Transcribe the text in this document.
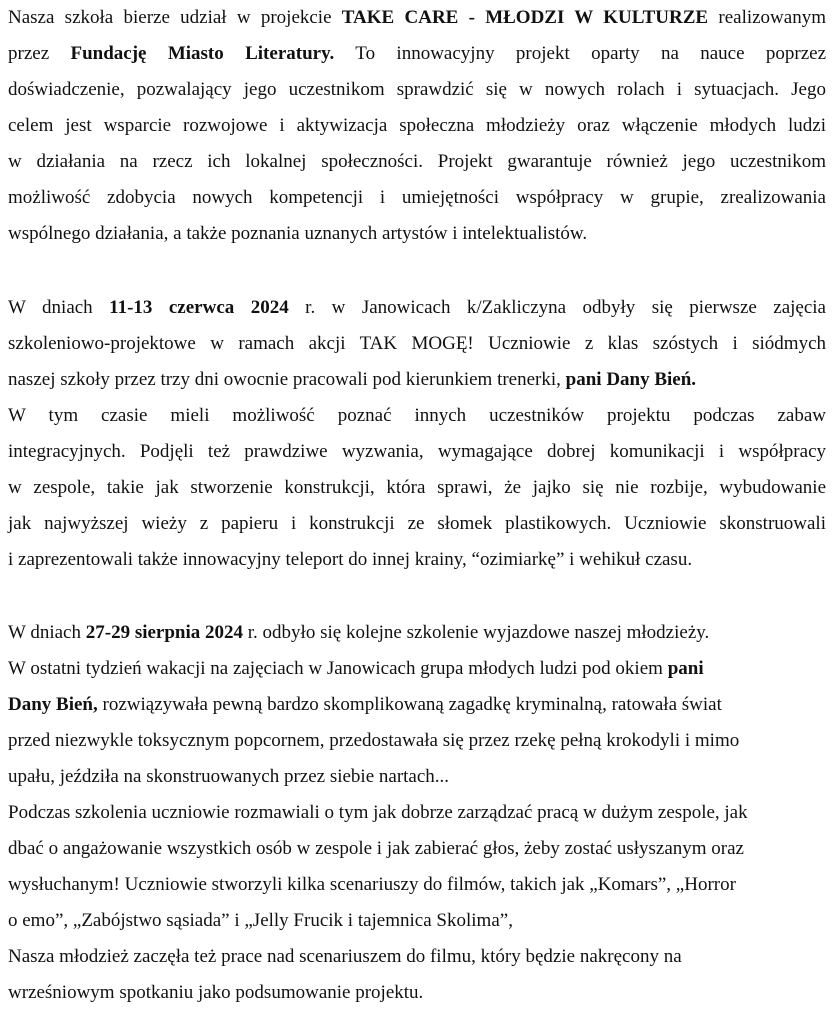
Nasza szkoła bierze udział w projekcie TAKE CARE - MŁODZI W KULTURZE realizowanym
przez Fundację Miasto Literatury. To innowacyjny projekt oparty na nauce poprzez
doświadczenie, pozwalający jego uczestnikom sprawdzić się w nowych rolach i sytuacjach. Jego
celem jest wsparcie rozwojowe i aktywizacja społeczna młodzieży oraz włączenie młodych ludzi
w działania na rzecz ich lokalnej społeczności. Projekt gwarantuje również jego uczestnikom
możliwość zdobycia nowych kompetencji i umiejętności współpracy w grupie, zrealizowania
wspólnego działania, a także poznania uznanych artystów i intelektualistów.
W dniach 11-13 czerwca 2024 r. w Janowicach k/Zakliczyna odbyły się pierwsze zajęcia
szkoleniowo-projektowe w ramach akcji TAK MOGĘ! Uczniowie z klas szóstych i siódmych
naszej szkoły przez trzy dni owocnie pracowali pod kierunkiem trenerki, pani Dany Bień.
W tym czasie mieli możliwość poznać innych uczestników projektu podczas zabaw
integracyjnych. Podjęli też prawdziwe wyzwania, wymagające dobrej komunikacji i współpracy
w zespole, takie jak stworzenie konstrukcji, która sprawi, że jajko się nie rozbije, wybudowanie
jak najwyższej wieży z papieru i konstrukcji ze słomek plastikowych. Uczniowie skonstruowali
i zaprezentowali także innowacyjny teleport do innej krainy, “ozimiarkę” i wehikuł czasu.
W dniach 27-29 sierpnia 2024 r. odbyło się kolejne szkolenie wyjazdowe naszej młodzieży.
W ostatni tydzień wakacji na zajęciach w Janowicach grupa młodych ludzi pod okiem pani
Dany Bień, rozwiązywała pewną bardzo skomplikowaną zagadkę kryminalną, ratowała świat
przed niezwykle toksycznym popcornem, przedostawała się przez rzekę pełną krokodyli i mimo
upału, jeździła na skonstruowanych przez siebie nartach...
Podczas szkolenia uczniowie rozmawiali o tym jak dobrze zarządzać pracą w dużym zespole, jak
dbać o angażowanie wszystkich osób w zespole i jak zabierać głos, żeby zostać usłyszanym oraz
wysłuchanym! Uczniowie stworzyli kilka scenariuszy do filmów, takich jak „Komars”, „Horror
o emo”, „Zabójstwo sąsiada” i „Jelly Frucik i tajemnica Skolima”,
Nasza młodzież zaczęła też prace nad scenariuszem do filmu, który będzie nakręcony na
wrześniowym spotkaniu jako podsumowanie projektu.
